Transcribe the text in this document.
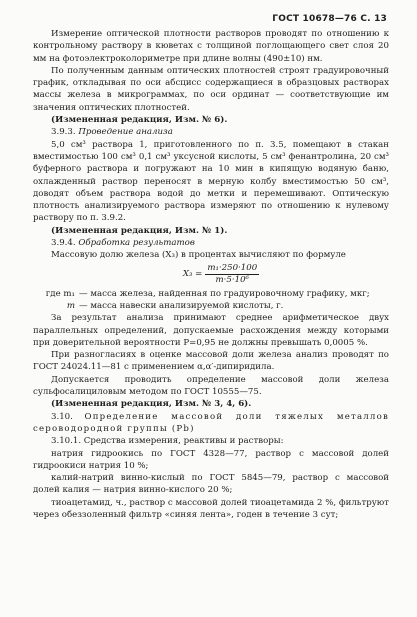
ГОСТ 10678—76 С. 13

Измерение оптической плотности растворов проводят по отношению к контрольному раствору в кюветах с толщиной поглощающего свет слоя 20 мм на фотоэлектроколориметре при длине волны (490±10) нм.

По полученным данным оптических плотностей строят градуировочный график, откладывая по оси абсцисс содержащиеся в образцовых растворах массы железа в микрограммах, по оси ординат — соответствующие им значения оптических плотностей.

(Измененная редакция, Изм. № 6).

3.9.3. Проведение анализа

5,0 см³ раствора 1, приготовленного по п. 3.5, помещают в стакан вместимостью 100 см³ 0,1 см³ уксусной кислоты, 5 см³ фенантролина, 20 см³ буферного раствора и погружают на 10 мин в кипящую водяную баню, охлажденный раствор переносят в мерную колбу вместимостью 50 см³, доводят объем раствора водой до метки и перемешивают. Оптическую плотность анализируемого раствора измеряют по отношению к нулевому раствору по п. 3.9.2.

(Измененная редакция, Изм. № 1).

3.9.4. Обработка результатов

Массовую долю железа (X₃) в процентах вычисляют по формуле

$X_3 = \frac{\text{m₁·250·100}}{\text{m·5·10⁶}}$
где m₁ — масса железа, найденная по градуировочному графику, мкг;
m — масса навески анализируемой кислоты, г.

За результат анализа принимают среднее арифметическое двух параллельных определений, допускаемые расхождения между которыми при доверительной вероятности P=0,95 не должны превышать 0,0005 %.

При разногласиях в оценке массовой доли железа анализ проводят по ГОСТ 24024.11—81 с применением α,α′-дипиридила.

Допускается проводить определение массовой доли железа сульфосалициловым методом по ГОСТ 10555—75.

(Измененная редакция, Изм. № 3, 4, 6).

3.10. Определение массовой доли тяжелых металлов сероводородной группы (Pb)

3.10.1. Средства измерения, реактивы и растворы:

натрия гидроокись по ГОСТ 4328—77, раствор с массовой долей гидроокиси натрия 10 %;

калий-натрий винно-кислый по ГОСТ 5845—79, раствор с массовой долей калия — натрия винно-кислого 20 %;

тиоацетамид, ч., раствор с массовой долей тиоацетамида 2 %, фильтруют через обеззоленный фильтр «синяя лента», годен в течение 3 сут;
